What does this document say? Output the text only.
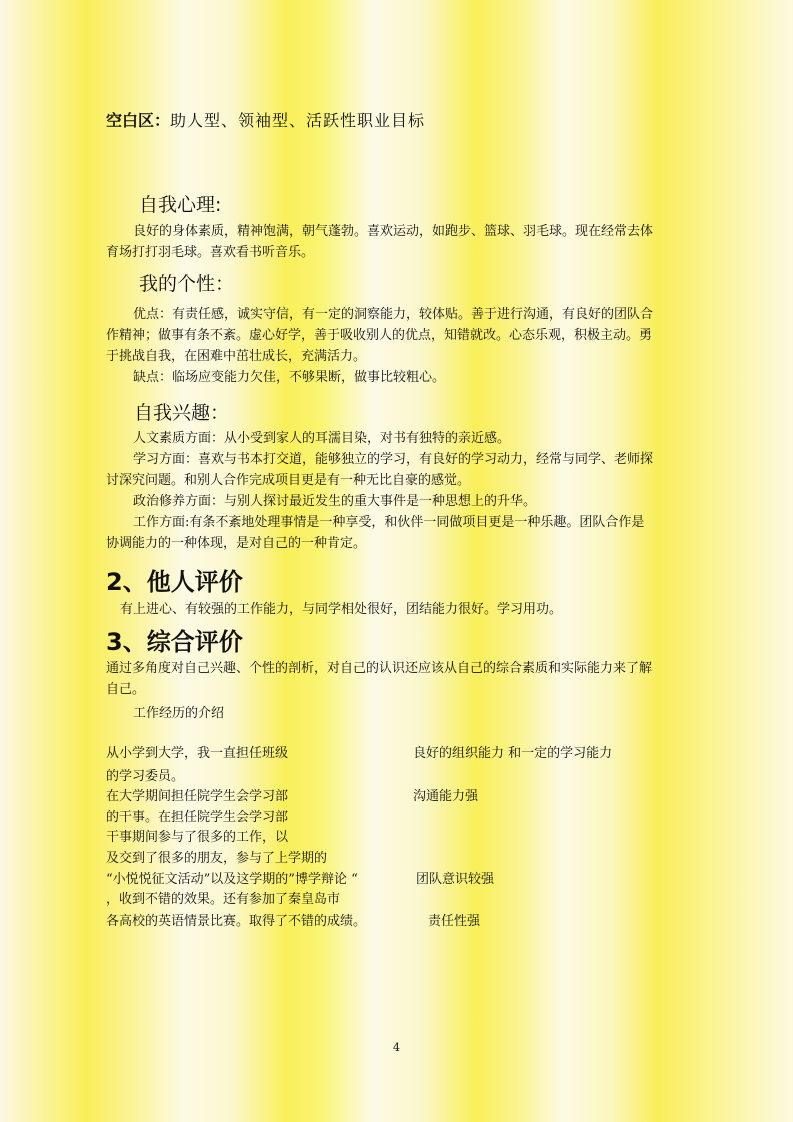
空白区：助人型、领袖型、活跃性职业目标
自我心理:
良好的身体素质，精神饱满，朝气蓬勃。喜欢运动，如跑步、篮球、羽毛球。现在经常去体
育场打打羽毛球。喜欢看书听音乐。
我的个性：
优点：有责任感，诚实守信，有一定的洞察能力，较体贴。善于进行沟通，有良好的团队合
作精神；做事有条不紊。虚心好学，善于吸收别人的优点，知错就改。心态乐观，积极主动。勇
于挑战自我，在困难中茁壮成长，充满活力。
缺点：临场应变能力欠佳，不够果断，做事比较粗心。
自我兴趣：
人文素质方面：从小受到家人的耳濡目染，对书有独特的亲近感。
学习方面：喜欢与书本打交道，能够独立的学习，有良好的学习动力，经常与同学、老师探
讨深究问题。和别人合作完成项目更是有一种无比自豪的感觉。
政治修养方面：与别人探讨最近发生的重大事件是一种思想上的升华。
工作方面:有条不紊地处理事情是一种享受，和伙伴一同做项目更是一种乐趣。团队合作是
协调能力的一种体现，是对自己的一种肯定。
2、他人评价
有上进心、有较强的工作能力，与同学相处很好，团结能力很好。学习用功。
3、综合评价
通过多角度对自己兴趣、个性的剖析，对自己的认识还应该从自己的综合素质和实际能力来了解
自己。
工作经历的介绍
从小学到大学，我一直担任班级
的学习委员。
在大学期间担任院学生会学习部
的干事。在担任院学生会学习部
干事期间参与了很多的工作，以
及交到了很多的朋友，参与了上学期的
“小悦悦征文活动”以及这学期的”博学辩论 “
，收到不错的效果。还有参加了秦皇岛市
各高校的英语情景比赛。取得了不错的成绩。
良好的组织能力 和一定的学习能力
沟通能力强
团队意识较强
责任性强
4
